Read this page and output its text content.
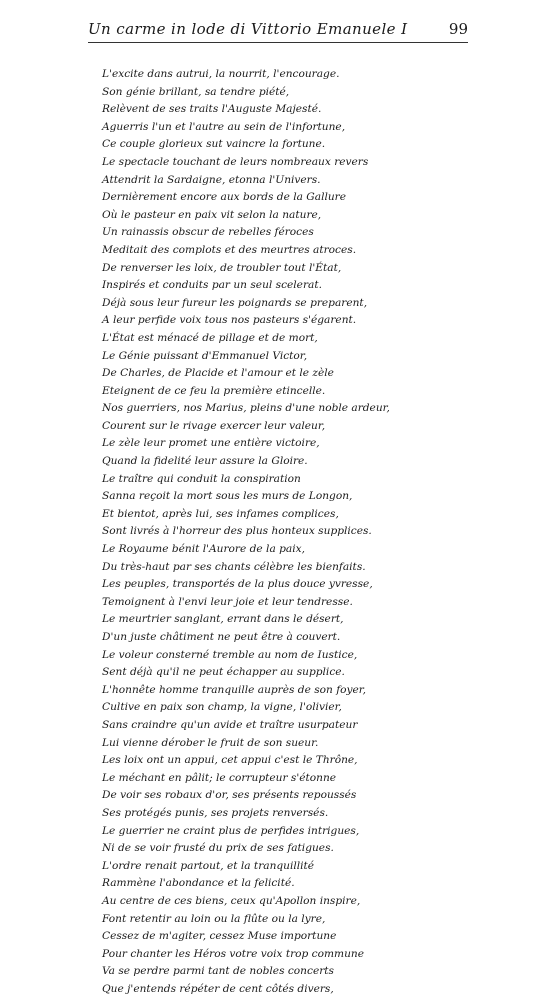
Un carme in lode di Vittorio Emanuele I	99
L'excite dans autrui, la nourrit, l'encourage.
Son génie brillant, sa tendre piété,
Relèvent de ses traits l'Auguste Majesté.
Aguerris l'un et l'autre au sein de l'infortune,
Ce couple glorieux sut vaincre la fortune.
Le spectacle touchant de leurs nombreaux revers
Attendrit la Sardaigne, etonna l'Univers.
Dernièrement encore aux bords de la Gallure
Où le pasteur en paix vit selon la nature,
Un rainassis obscur de rebelles féroces
Meditait des complots et des meurtres atroces.
De renverser les loix, de troubler tout l'État,
Inspirés et conduits par un seul scelerat.
Déjà sous leur fureur les poignards se preparent,
A leur perfide voix tous nos pasteurs s'égarent.
L'État est ménacé de pillage et de mort,
Le Génie puissant d'Emmanuel Victor,
De Charles, de Placide et l'amour et le zèle
Eteignent de ce feu la première etincelle.
Nos guerriers, nos Marius, pleins d'une noble ardeur,
Courent sur le rivage exercer leur valeur,
Le zèle leur promet une entière victoire,
Quand la fidelité leur assure la Gloire.
Le traître qui conduit la conspiration
Sanna reçoit la mort sous les murs de Longon,
Et bientot, après lui, ses infames complices,
Sont livrés à l'horreur des plus honteux supplices.
Le Royaume bénit l'Aurore de la paix,
Du très-haut par ses chants célèbre les bienfaits.
Les peuples, transportés de la plus douce yvresse,
Temoignent à l'envi leur joie et leur tendresse.
Le meurtrier sanglant, errant dans le désert,
D'un juste châtiment ne peut être à couvert.
Le voleur consterné tremble au nom de Iustice,
Sent déjà qu'il ne peut échapper au supplice.
L'honnête homme tranquille auprès de son foyer,
Cultive en paix son champ, la vigne, l'olivier,
Sans craindre qu'un avide et traître usurpateur
Lui vienne dérober le fruit de son sueur.
Les loix ont un appui, cet appui c'est le Thrône,
Le méchant en pâlit; le corrupteur s'étonne
De voir ses robaux d'or, ses présents repoussés
Ses protégés punis, ses projets renversés.
Le guerrier ne craint plus de perfides intrigues,
Ni de se voir frusté du prix de ses fatigues.
L'ordre renait partout, et la tranquillité
Rammène l'abondance et la felicité.
Au centre de ces biens, ceux qu'Apollon inspire,
Font retentir au loin ou la flûte ou la lyre,
Cessez de m'agiter, cessez Muse importune
Pour chanter les Héros votre voix trop commune
Va se perdre parmi tant de nobles concerts
Que j'entends répéter de cent côtés divers,
